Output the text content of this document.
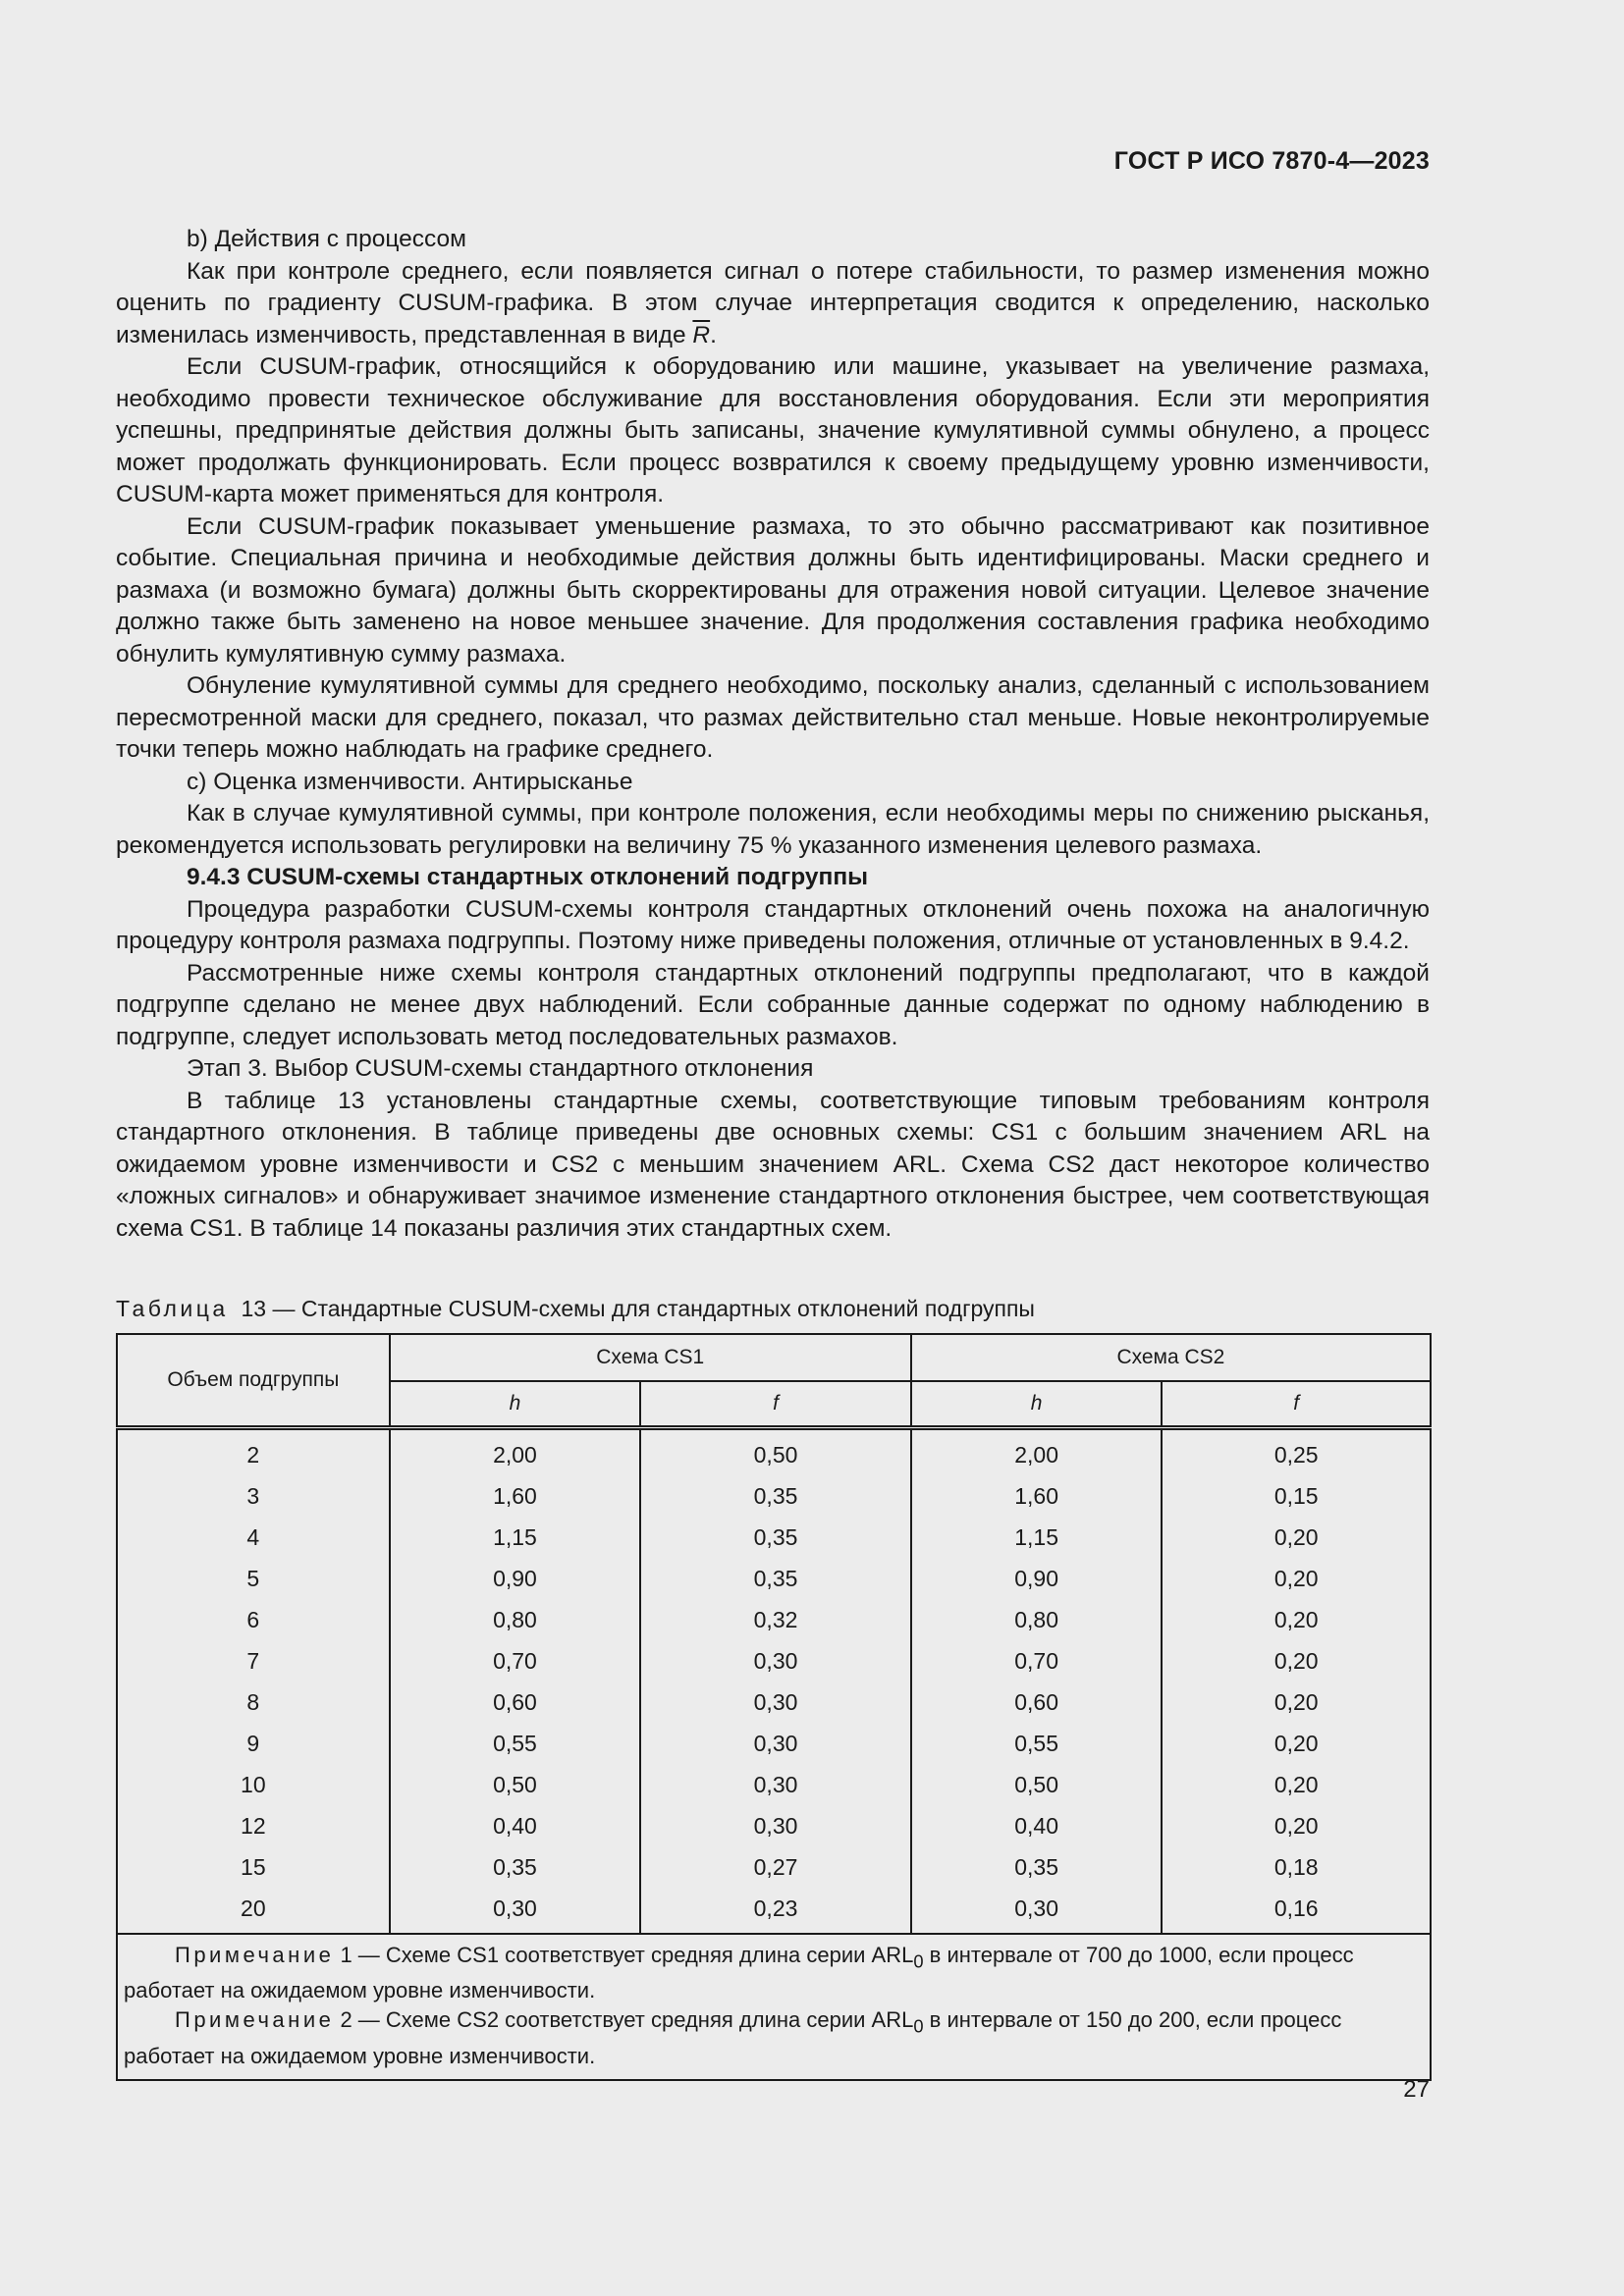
ГОСТ Р ИСО 7870-4—2023

b) Действия с процессом

Как при контроле среднего, если появляется сигнал о потере стабильности, то размер изменения можно оценить по градиенту CUSUM-графика. В этом случае интерпретация сводится к определению, насколько изменилась изменчивость, представленная в виде $\overline{R}$.

Если CUSUM-график, относящийся к оборудованию или машине, указывает на увеличение размаха, необходимо провести техническое обслуживание для восстановления оборудования. Если эти мероприятия успешны, предпринятые действия должны быть записаны, значение кумулятивной суммы обнулено, а процесс может продолжать функционировать. Если процесс возвратился к своему предыдущему уровню изменчивости, CUSUM-карта может применяться для контроля.

Если CUSUM-график показывает уменьшение размаха, то это обычно рассматривают как позитивное событие. Специальная причина и необходимые действия должны быть идентифицированы. Маски среднего и размаха (и возможно бумага) должны быть скорректированы для отражения новой ситуации. Целевое значение должно также быть заменено на новое меньшее значение. Для продолжения составления графика необходимо обнулить кумулятивную сумму размаха.

Обнуление кумулятивной суммы для среднего необходимо, поскольку анализ, сделанный с использованием пересмотренной маски для среднего, показал, что размах действительно стал меньше. Новые неконтролируемые точки теперь можно наблюдать на графике среднего.

c) Оценка изменчивости. Антирысканье

Как в случае кумулятивной суммы, при контроле положения, если необходимы меры по снижению рысканья, рекомендуется использовать регулировки на величину 75 % указанного изменения целевого размаха.

9.4.3 CUSUM-схемы стандартных отклонений подгруппы

Процедура разработки CUSUM-схемы контроля стандартных отклонений очень похожа на аналогичную процедуру контроля размаха подгруппы. Поэтому ниже приведены положения, отличные от установленных в 9.4.2.

Рассмотренные ниже схемы контроля стандартных отклонений подгруппы предполагают, что в каждой подгруппе сделано не менее двух наблюдений. Если собранные данные содержат по одному наблюдению в подгруппе, следует использовать метод последовательных размахов.

Этап 3. Выбор CUSUM-схемы стандартного отклонения

В таблице 13 установлены стандартные схемы, соответствующие типовым требованиям контроля стандартного отклонения. В таблице приведены две основных схемы: CS1 с большим значением ARL на ожидаемом уровне изменчивости и CS2 с меньшим значением ARL. Схема CS2 даст некоторое количество «ложных сигналов» и обнаруживает значимое изменение стандартного отклонения быстрее, чем соответствующая схема CS1. В таблице 14 показаны различия этих стандартных схем.

Таблица 13 — Стандартные CUSUM-схемы для стандартных отклонений подгруппы
Объем подгруппы	Схема CS1		Схема CS2	
	h	f	h	f
2	2,00	0,50	2,00	0,25
3	1,60	0,35	1,60	0,15
4	1,15	0,35	1,15	0,20
5	0,90	0,35	0,90	0,20
6	0,80	0,32	0,80	0,20
7	0,70	0,30	0,70	0,20
8	0,60	0,30	0,60	0,20
9	0,55	0,30	0,55	0,20
10	0,50	0,30	0,50	0,20
12	0,40	0,30	0,40	0,20
15	0,35	0,27	0,35	0,18
20	0,30	0,23	0,30	0,16

Примечание 1 — Схеме CS1 соответствует средняя длина серии $ARL_0$ в интервале от 700 до 1000, если процесс работает на ожидаемом уровне изменчивости.

Примечание 2 — Схеме CS2 соответствует средняя длина серии $ARL_0$ в интервале от 150 до 200, если процесс работает на ожидаемом уровне изменчивости.				

27
